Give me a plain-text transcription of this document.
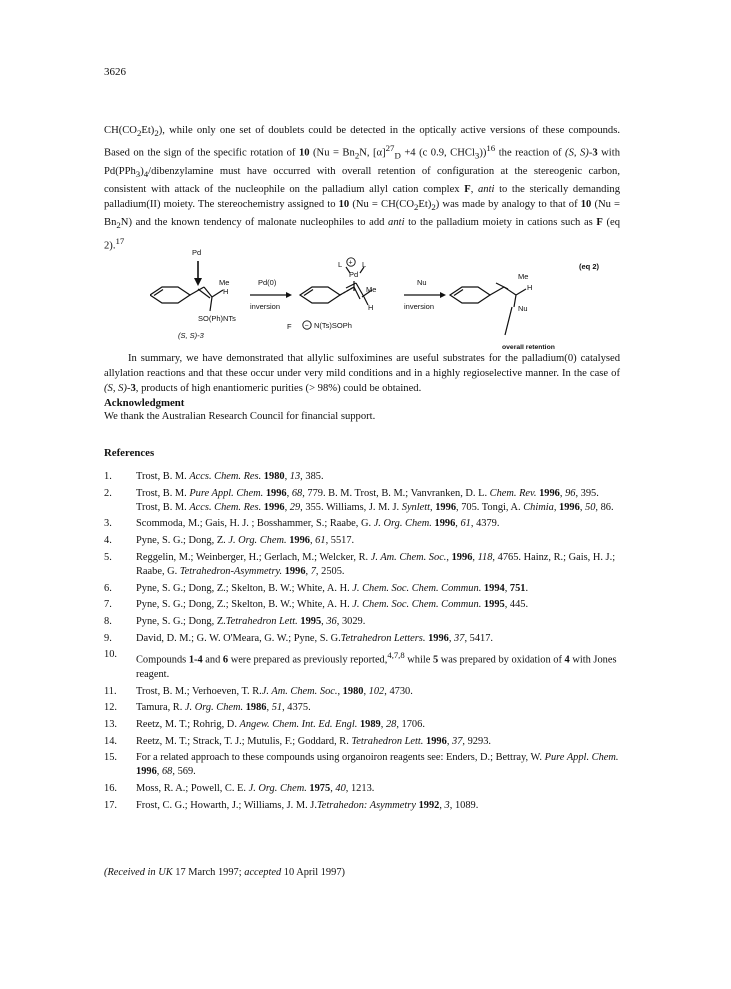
3626

$CH(CO_2Et)_2$), while only one set of doublets could be detected in the optically active versions of these compounds. Based on the sign of the specific rotation of 10 ($Nu = Bn_2N$, $[\alpha]^{27}_D +4$ (c 0.9, CHCl$_3$))$^{16}$ the reaction of (S, S)-3 with $Pd(PPh_3)_4$/dibenzylamine must have occurred with overall retention of configuration at the stereogenic carbon, consistent with attack of the nucleophile on the palladium allyl cation complex F, anti to the sterically demanding palladium(II) moiety. The stereochemistry assigned to 10 $(Nu = CH(CO_2Et)_2)$ was made by analogy to that of 10 $(Nu = Bn_2N)$ and the known tendency of malonate nucleophiles to add anti to the palladium moiety in cations such as F (eq 2).$^{17}$

(eq 2)
Pd
Me
H
SO(Ph)NTs
(S, S)-3
Pd(0)
inversion
L	L
+
Pd
Me
H
F − N(Ts)SOPh
Nu
inversion
Me
H
Nu
overall retention

In summary, we have demonstrated that allylic sulfoximines are useful substrates for the palladium(0) catalysed allylation reactions and that these occur under very mild conditions and in a highly regioselective manner. In the case of (S, S)-3, products of high enantiomeric purities (> 98%) could be obtained.

Acknowledgment
We thank the Australian Research Council for financial support.
References
1. Trost, B. M. Accs. Chem. Res. 1980, 13, 385.
2. Trost, B. M. Pure Appl. Chem. 1996, 68, 779. B. M. Trost, B. M.; Vanvranken, D. L. Chem. Rev. 1996, 96, 395. Trost, B. M. Accs. Chem. Res. 1996, 29, 355. Williams, J. M. J. Synlett, 1996, 705. Tongi, A. Chimia, 1996, 50, 86.
3. Scommoda, M.; Gais, H. J. ; Bosshammer, S.; Raabe, G. J. Org. Chem. 1996, 61, 4379.
4. Pyne, S. G.; Dong, Z. J. Org. Chem. 1996, 61, 5517.
5. Reggelin, M.; Weinberger, H.; Gerlach, M.; Welcker, R. J. Am. Chem. Soc., 1996, 118, 4765. Hainz, R.; Gais, H. J.; Raabe, G. Tetrahedron-Asymmetry. 1996, 7, 2505.
6. Pyne, S. G.; Dong, Z.; Skelton, B. W.; White, A. H. J. Chem. Soc. Chem. Commun. 1994, 751.
7. Pyne, S. G.; Dong, Z.; Skelton, B. W.; White, A. H. J. Chem. Soc. Chem. Commun. 1995, 445.
8. Pyne, S. G.; Dong, Z.Tetrahedron Lett. 1995, 36, 3029.
9. David, D. M.; G. W. O'Meara, G. W.; Pyne, S. G.Tetrahedron Letters. 1996, 37, 5417.
10. Compounds 1-4 and 6 were prepared as previously reported,$^{4,7,8}$ while 5 was prepared by oxidation of 4 with Jones reagent.
11. Trost, B. M.; Verhoeven, T. R.J. Am. Chem. Soc., 1980, 102, 4730.
12. Tamura, R. J. Org. Chem. 1986, 51, 4375.
13. Reetz, M. T.; Rohrig, D. Angew. Chem. Int. Ed. Engl. 1989, 28, 1706.
14. Reetz, M. T.; Strack, T. J.; Mutulis, F.; Goddard, R. Tetrahedron Lett. 1996, 37, 9293.
15. For a related approach to these compounds using organoiron reagents see: Enders, D.; Bettray, W. Pure Appl. Chem. 1996, 68, 569.
16. Moss, R. A.; Powell, C. E. J. Org. Chem. 1975, 40, 1213.
17. Frost, C. G.; Howarth, J.; Williams, J. M. J.Tetrahedon: Asymmetry 1992, 3, 1089.
(Received in UK 17 March 1997; accepted 10 April 1997)
